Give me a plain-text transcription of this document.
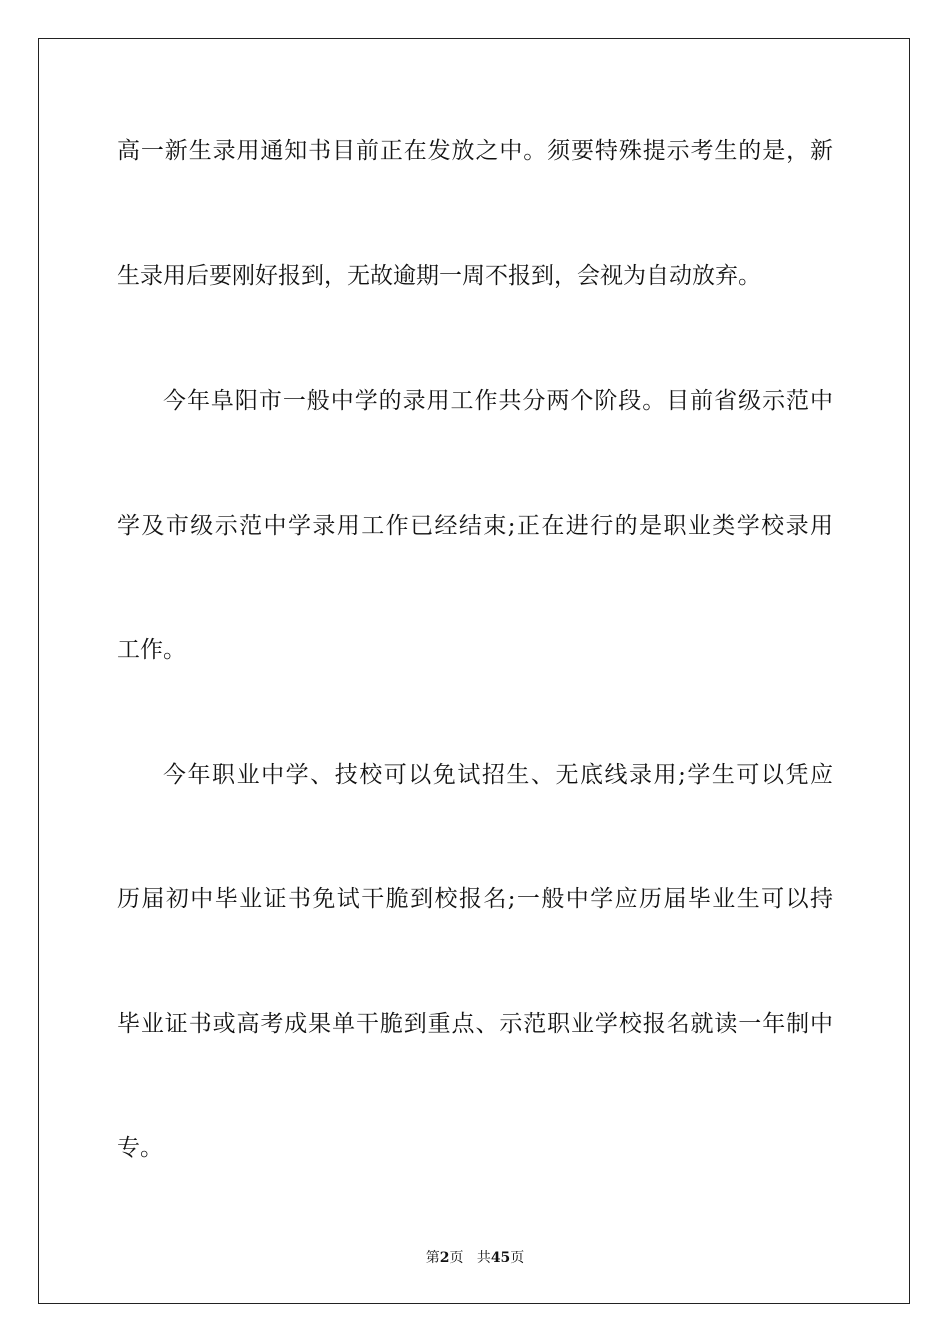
高一新生录用通知书目前正在发放之中。须要特殊提示考生的是，新
生录用后要刚好报到，无故逾期一周不报到，会视为自动放弃。
今年阜阳市一般中学的录用工作共分两个阶段。目前省级示范中
学及市级示范中学录用工作已经结束;正在进行的是职业类学校录用
工作。
今年职业中学、技校可以免试招生、无底线录用;学生可以凭应
历届初中毕业证书免试干脆到校报名;一般中学应历届毕业生可以持
毕业证书或高考成果单干脆到重点、示范职业学校报名就读一年制中
专。
第2页 共45页
